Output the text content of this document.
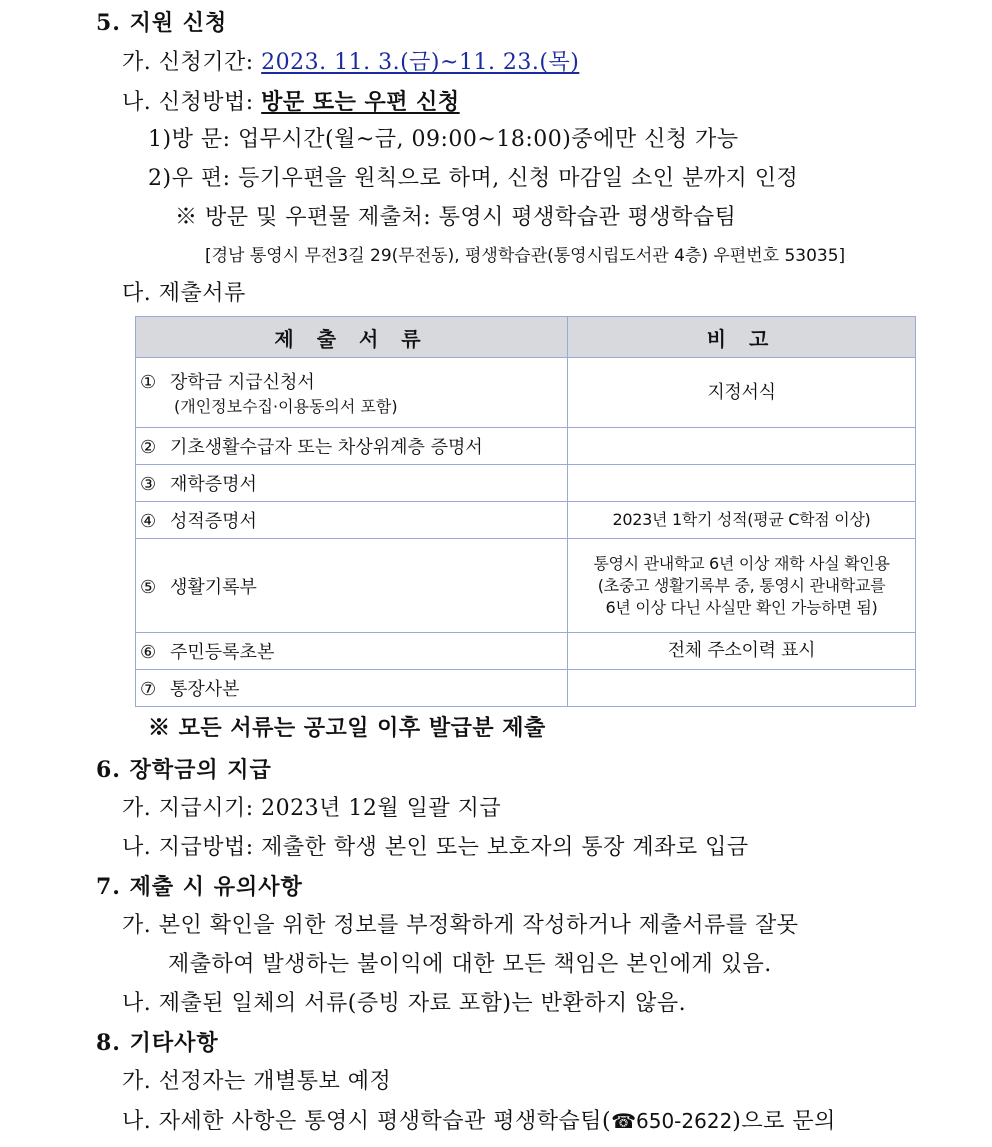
5. 지원 신청
가. 신청기간: 2023. 11. 3.(금)~11. 23.(목)
나. 신청방법: 방문 또는 우편 신청
1)방 문: 업무시간(월~금, 09:00~18:00)중에만 신청 가능
2)우 편: 등기우편을 원칙으로 하며, 신청 마감일 소인 분까지 인정
※ 방문 및 우편물 제출처: 통영시 평생학습관 평생학습팀
[경남 통영시 무전3길 29(무전동), 평생학습관(통영시립도서관 4층) 우편번호 53035]
다. 제출서류
제 출 서 류	비 고
① 장학금 지급신청서
(개인정보수집·이용동의서 포함)	지정서식
② 기초생활수급자 또는 차상위계층 증명서	
③ 재학증명서	
④ 성적증명서	2023년 1학기 성적(평균 C학점 이상)
⑤ 생활기록부	통영시 관내학교 6년 이상 재학 사실 확인용
(초중고 생활기록부 중, 통영시 관내학교를
6년 이상 다닌 사실만 확인 가능하면 됨)

⑥ 주민등록초본	전체 주소이력 표시
⑦ 통장사본	
※ 모든 서류는 공고일 이후 발급분 제출
6. 장학금의 지급
가. 지급시기: 2023년 12월 일괄 지급
나. 지급방법: 제출한 학생 본인 또는 보호자의 통장 계좌로 입금
7. 제출 시 유의사항
가. 본인 확인을 위한 정보를 부정확하게 작성하거나 제출서류를 잘못
제출하여 발생하는 불이익에 대한 모든 책임은 본인에게 있음.
나. 제출된 일체의 서류(증빙 자료 포함)는 반환하지 않음.
8. 기타사항
가. 선정자는 개별통보 예정
나. 자세한 사항은 통영시 평생학습관 평생학습팀(☎650-2622)으로 문의
